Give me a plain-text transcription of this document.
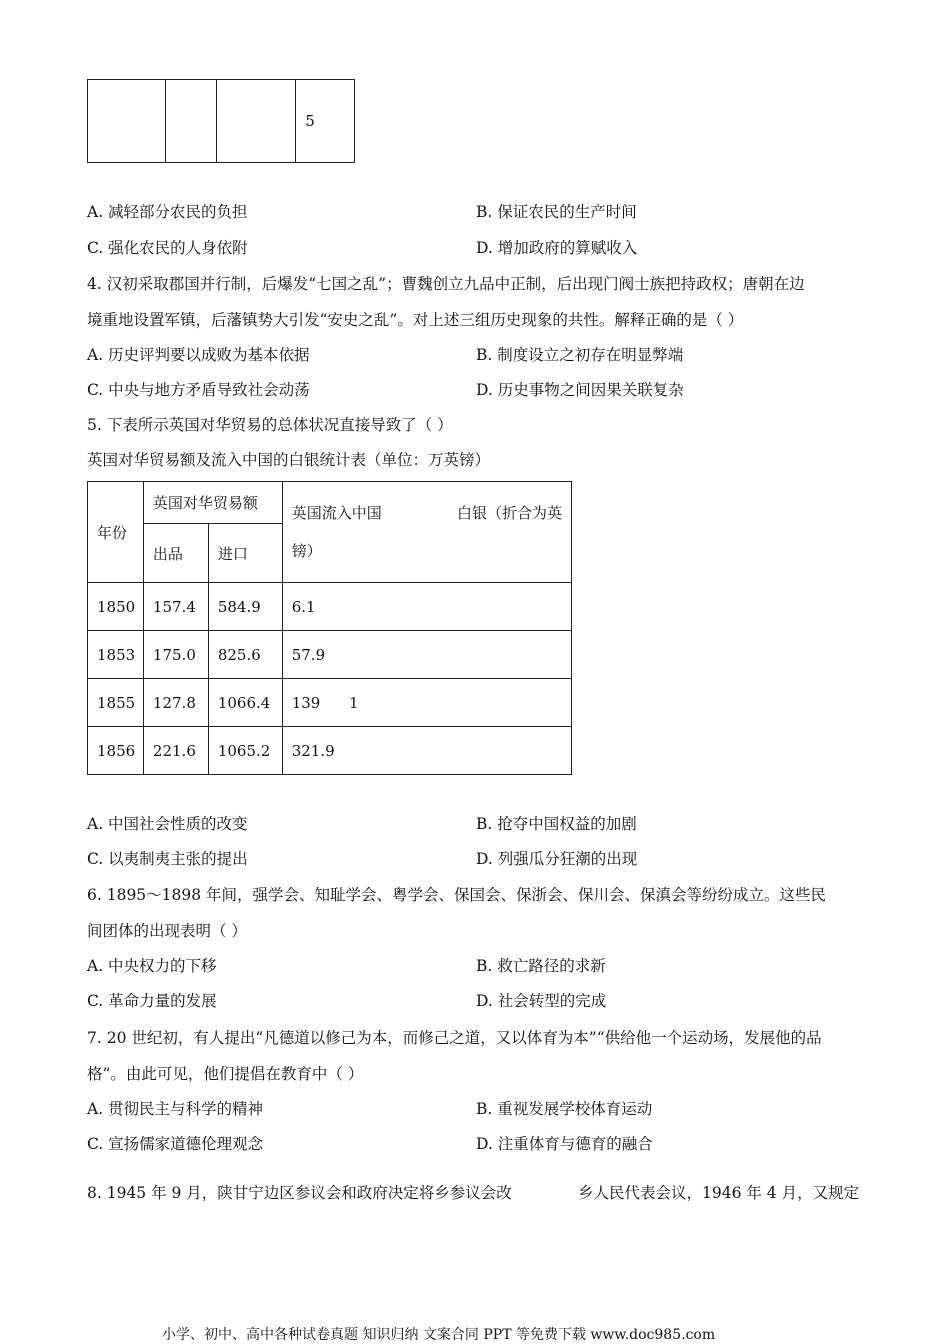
			5
A. 减轻部分农民的负担	B. 保证农民的生产时间
C. 强化农民的人身依附	D. 增加政府的算赋收入
4. 汉初采取郡国并行制，后爆发“七国之乱”；曹魏创立九品中正制，后出现门阀士族把持政权；唐朝在边
境重地设置军镇，后藩镇势大引发“安史之乱”。对上述三组历史现象的共性。解释正确的是（ ）
A. 历史评判要以成败为基本依据	B. 制度设立之初存在明显弊端
C. 中央与地方矛盾导致社会动荡	D. 历史事物之间因果关联复杂
5. 下表所示英国对华贸易的总体状况直接导致了（ ）
英国对华贸易额及流入中国的白银统计表（单位：万英镑）
年份	英国对华贸易额		英国流入中国 白银（折合为英
镑）

	出品	进口	
1850	157.4	584.9	6.1
1853	175.0	825.6	57.9
1855	127.8	1066.4	139      1
1856	221.6	1065.2	321.9
A. 中国社会性质的改变	B. 抢夺中国权益的加剧
C. 以夷制夷主张的提出	D. 列强瓜分狂潮的出现
6. 1895～1898 年间，强学会、知耻学会、粤学会、保国会、保浙会、保川会、保滇会等纷纷成立。这些民
间团体的出现表明（ ）
A. 中央权力的下移	B. 救亡路径的求新
C. 革命力量的发展	D. 社会转型的完成
7. 20 世纪初，有人提出“凡德道以修己为本，而修己之道，又以体育为本”“供给他一个运动场，发展他的品
格”。由此可见，他们提倡在教育中（ ）
A. 贯彻民主与科学的精神	B. 重视发展学校体育运动
C. 宣扬儒家道德伦理观念	D. 注重体育与德育的融合
8. 1945 年 9 月，陕甘宁边区参议会和政府决定将乡参议会改	乡人民代表会议，1946 年 4 月，又规定
小学、初中、高中各种试卷真题 知识归纳 文案合同 PPT 等免费下载 www.doc985.com
